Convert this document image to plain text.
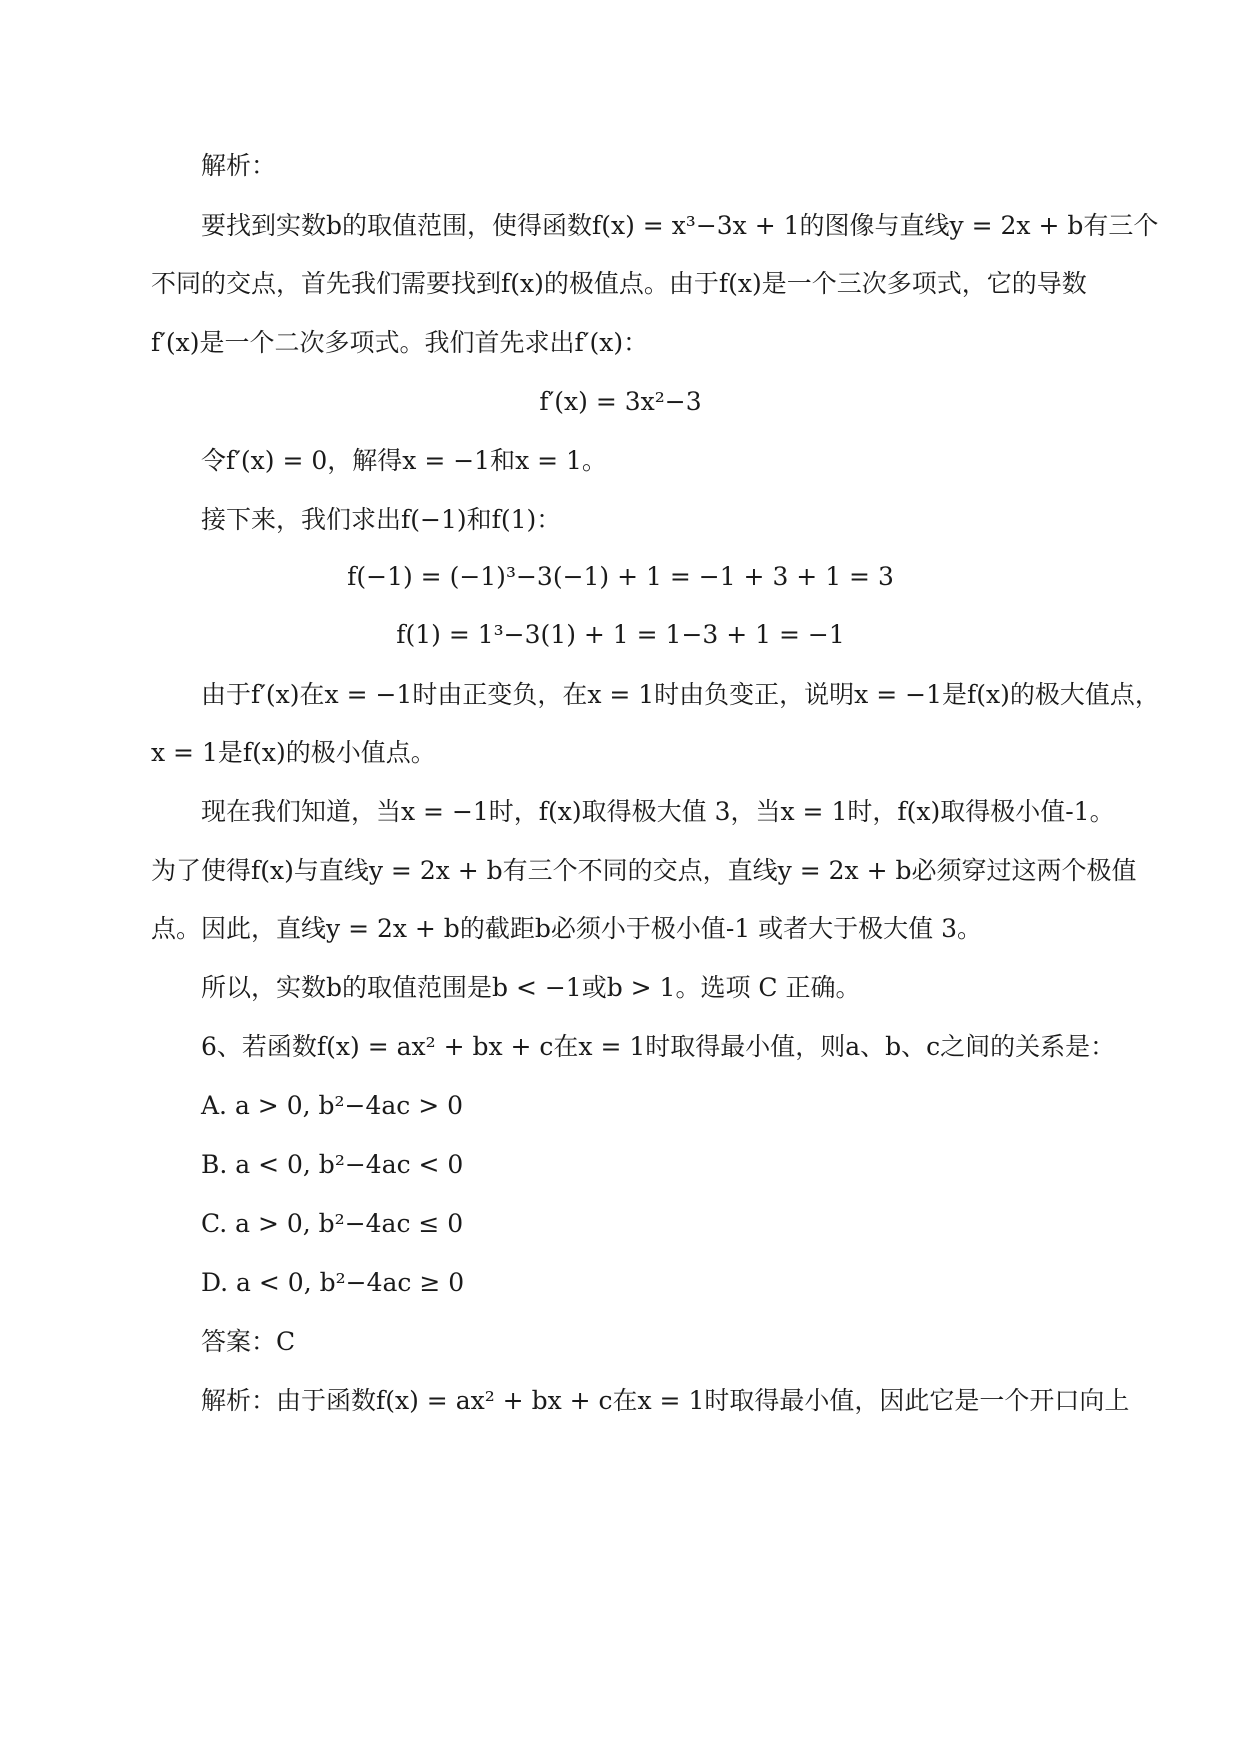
解析：
要找到实数b的取值范围，使得函数f(x) = x³−3x + 1的图像与直线y = 2x + b有三个
不同的交点，首先我们需要找到f(x)的极值点。由于f(x)是一个三次多项式，它的导数
f′(x)是一个二次多项式。我们首先求出f′(x)：
f′(x) = 3x²−3
令f′(x) = 0，解得x = −1和x = 1。
接下来，我们求出f(−1)和f(1)：
f(−1) = (−1)³−3(−1) + 1 = −1 + 3 + 1 = 3
f(1) = 1³−3(1) + 1 = 1−3 + 1 = −1
由于f′(x)在x = −1时由正变负，在x = 1时由负变正，说明x = −1是f(x)的极大值点，
x = 1是f(x)的极小值点。
现在我们知道，当x = −1时，f(x)取得极大值 3，当x = 1时，f(x)取得极小值-1。
为了使得f(x)与直线y = 2x + b有三个不同的交点，直线y = 2x + b必须穿过这两个极值
点。因此，直线y = 2x + b的截距b必须小于极小值-1 或者大于极大值 3。
所以，实数b的取值范围是b < −1或b > 1。选项 C 正确。
6、若函数f(x) = ax² + bx + c在x = 1时取得最小值，则a、b、c之间的关系是：
A. a > 0, b²−4ac > 0
B. a < 0, b²−4ac < 0
C. a > 0, b²−4ac ≤ 0
D. a < 0, b²−4ac ≥ 0
答案：C
解析：由于函数f(x) = ax² + bx + c在x = 1时取得最小值，因此它是一个开口向上
